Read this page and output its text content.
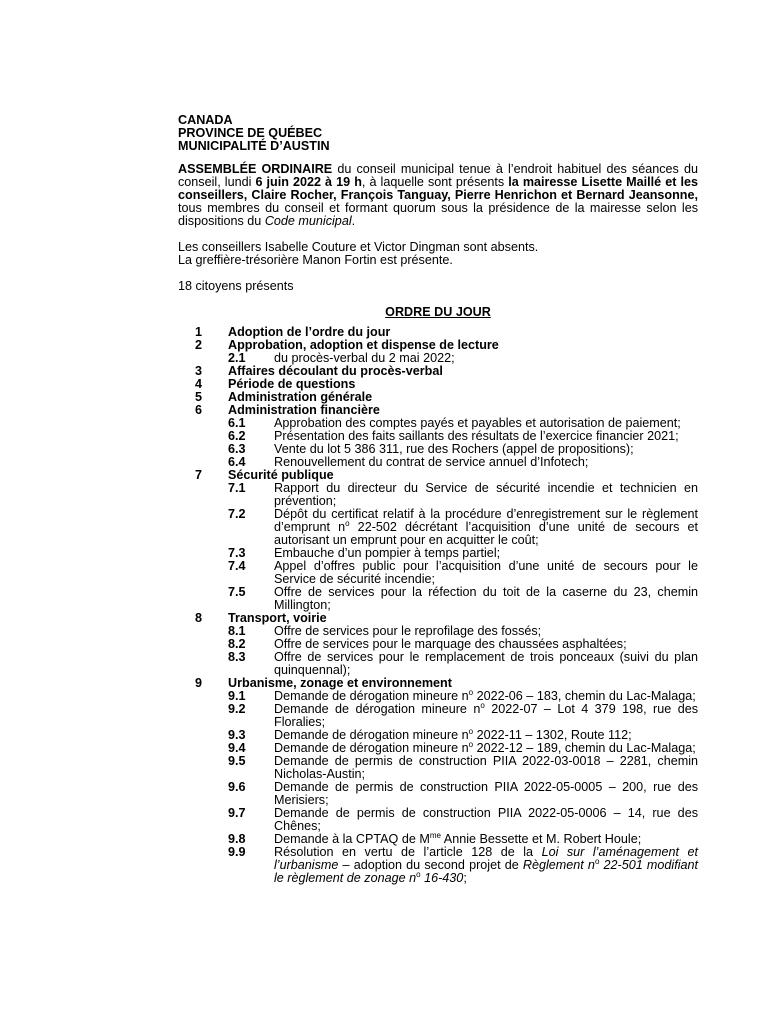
CANADA

PROVINCE DE QUÉBEC

MUNICIPALITÉ D’AUSTIN

ASSEMBLÉE ORDINAIRE du conseil municipal tenue à l’endroit habituel des séances du conseil, lundi 6 juin 2022 à 19 h, à laquelle sont présents la mairesse Lisette Maillé et les conseillers, Claire Rocher, François Tanguay, Pierre Henrichon et Bernard Jeansonne, tous membres du conseil et formant quorum sous la présidence de la mairesse selon les dispositions du Code municipal.

Les conseillers Isabelle Couture et Victor Dingman sont absents.

La greffière-trésorière Manon Fortin est présente.

18 citoyens présents

ORDRE DU JOUR

1	Adoption de l’ordre du jour
2	Approbation, adoption et dispense de lecture
2.1	du procès-verbal du 2 mai 2022;
3	Affaires découlant du procès-verbal
4	Période de questions
5	Administration générale
6	Administration financière
6.1	Approbation des comptes payés et payables et autorisation de paiement;
6.2	Présentation des faits saillants des résultats de l’exercice financier 2021;
6.3	Vente du lot 5 386 311, rue des Rochers (appel de propositions);
6.4	Renouvellement du contrat de service annuel d’Infotech;
7	Sécurité publique
7.1	Rapport du directeur du Service de sécurité incendie et technicien en prévention;
7.2	Dépôt du certificat relatif à la procédure d’enregistrement sur le règlement d’emprunt $n^o$ 22-502 décrétant l’acquisition d’une unité de secours et autorisant un emprunt pour en acquitter le coût;
7.3	Embauche d’un pompier à temps partiel;
7.4	Appel d’offres public pour l’acquisition d’une unité de secours pour le Service de sécurité incendie;
7.5	Offre de services pour la réfection du toit de la caserne du 23, chemin Millington;
8	Transport, voirie
8.1	Offre de services pour le reprofilage des fossés;
8.2	Offre de services pour le marquage des chaussées asphaltées;
8.3	Offre de services pour le remplacement de trois ponceaux (suivi du plan quinquennal);
9	Urbanisme, zonage et environnement
9.1	Demande de dérogation mineure $n^o$ 2022-06 – 183, chemin du Lac-Malaga;
9.2	Demande de dérogation mineure $n^o$ 2022-07 – Lot 4 379 198, rue des Floralies;
9.3	Demande de dérogation mineure $n^o$ 2022-11 – 1302, Route 112;
9.4	Demande de dérogation mineure $n^o$ 2022-12 – 189, chemin du Lac-Malaga;
9.5	Demande de permis de construction PIIA 2022-03-0018 – 2281, chemin Nicholas-Austin;
9.6	Demande de permis de construction PIIA 2022-05-0005 – 200, rue des Merisiers;
9.7	Demande de permis de construction PIIA 2022-05-0006 – 14, rue des Chênes;
9.8	Demande à la CPTAQ de $M^{me}$ Annie Bessette et M. Robert Houle;
9.9	Résolution en vertu de l’article 128 de la Loi sur l’aménagement et l’urbanisme – adoption du second projet de Règlement $n^o$ 22-501 modifiant le règlement de zonage $n^o$ 16-430;
